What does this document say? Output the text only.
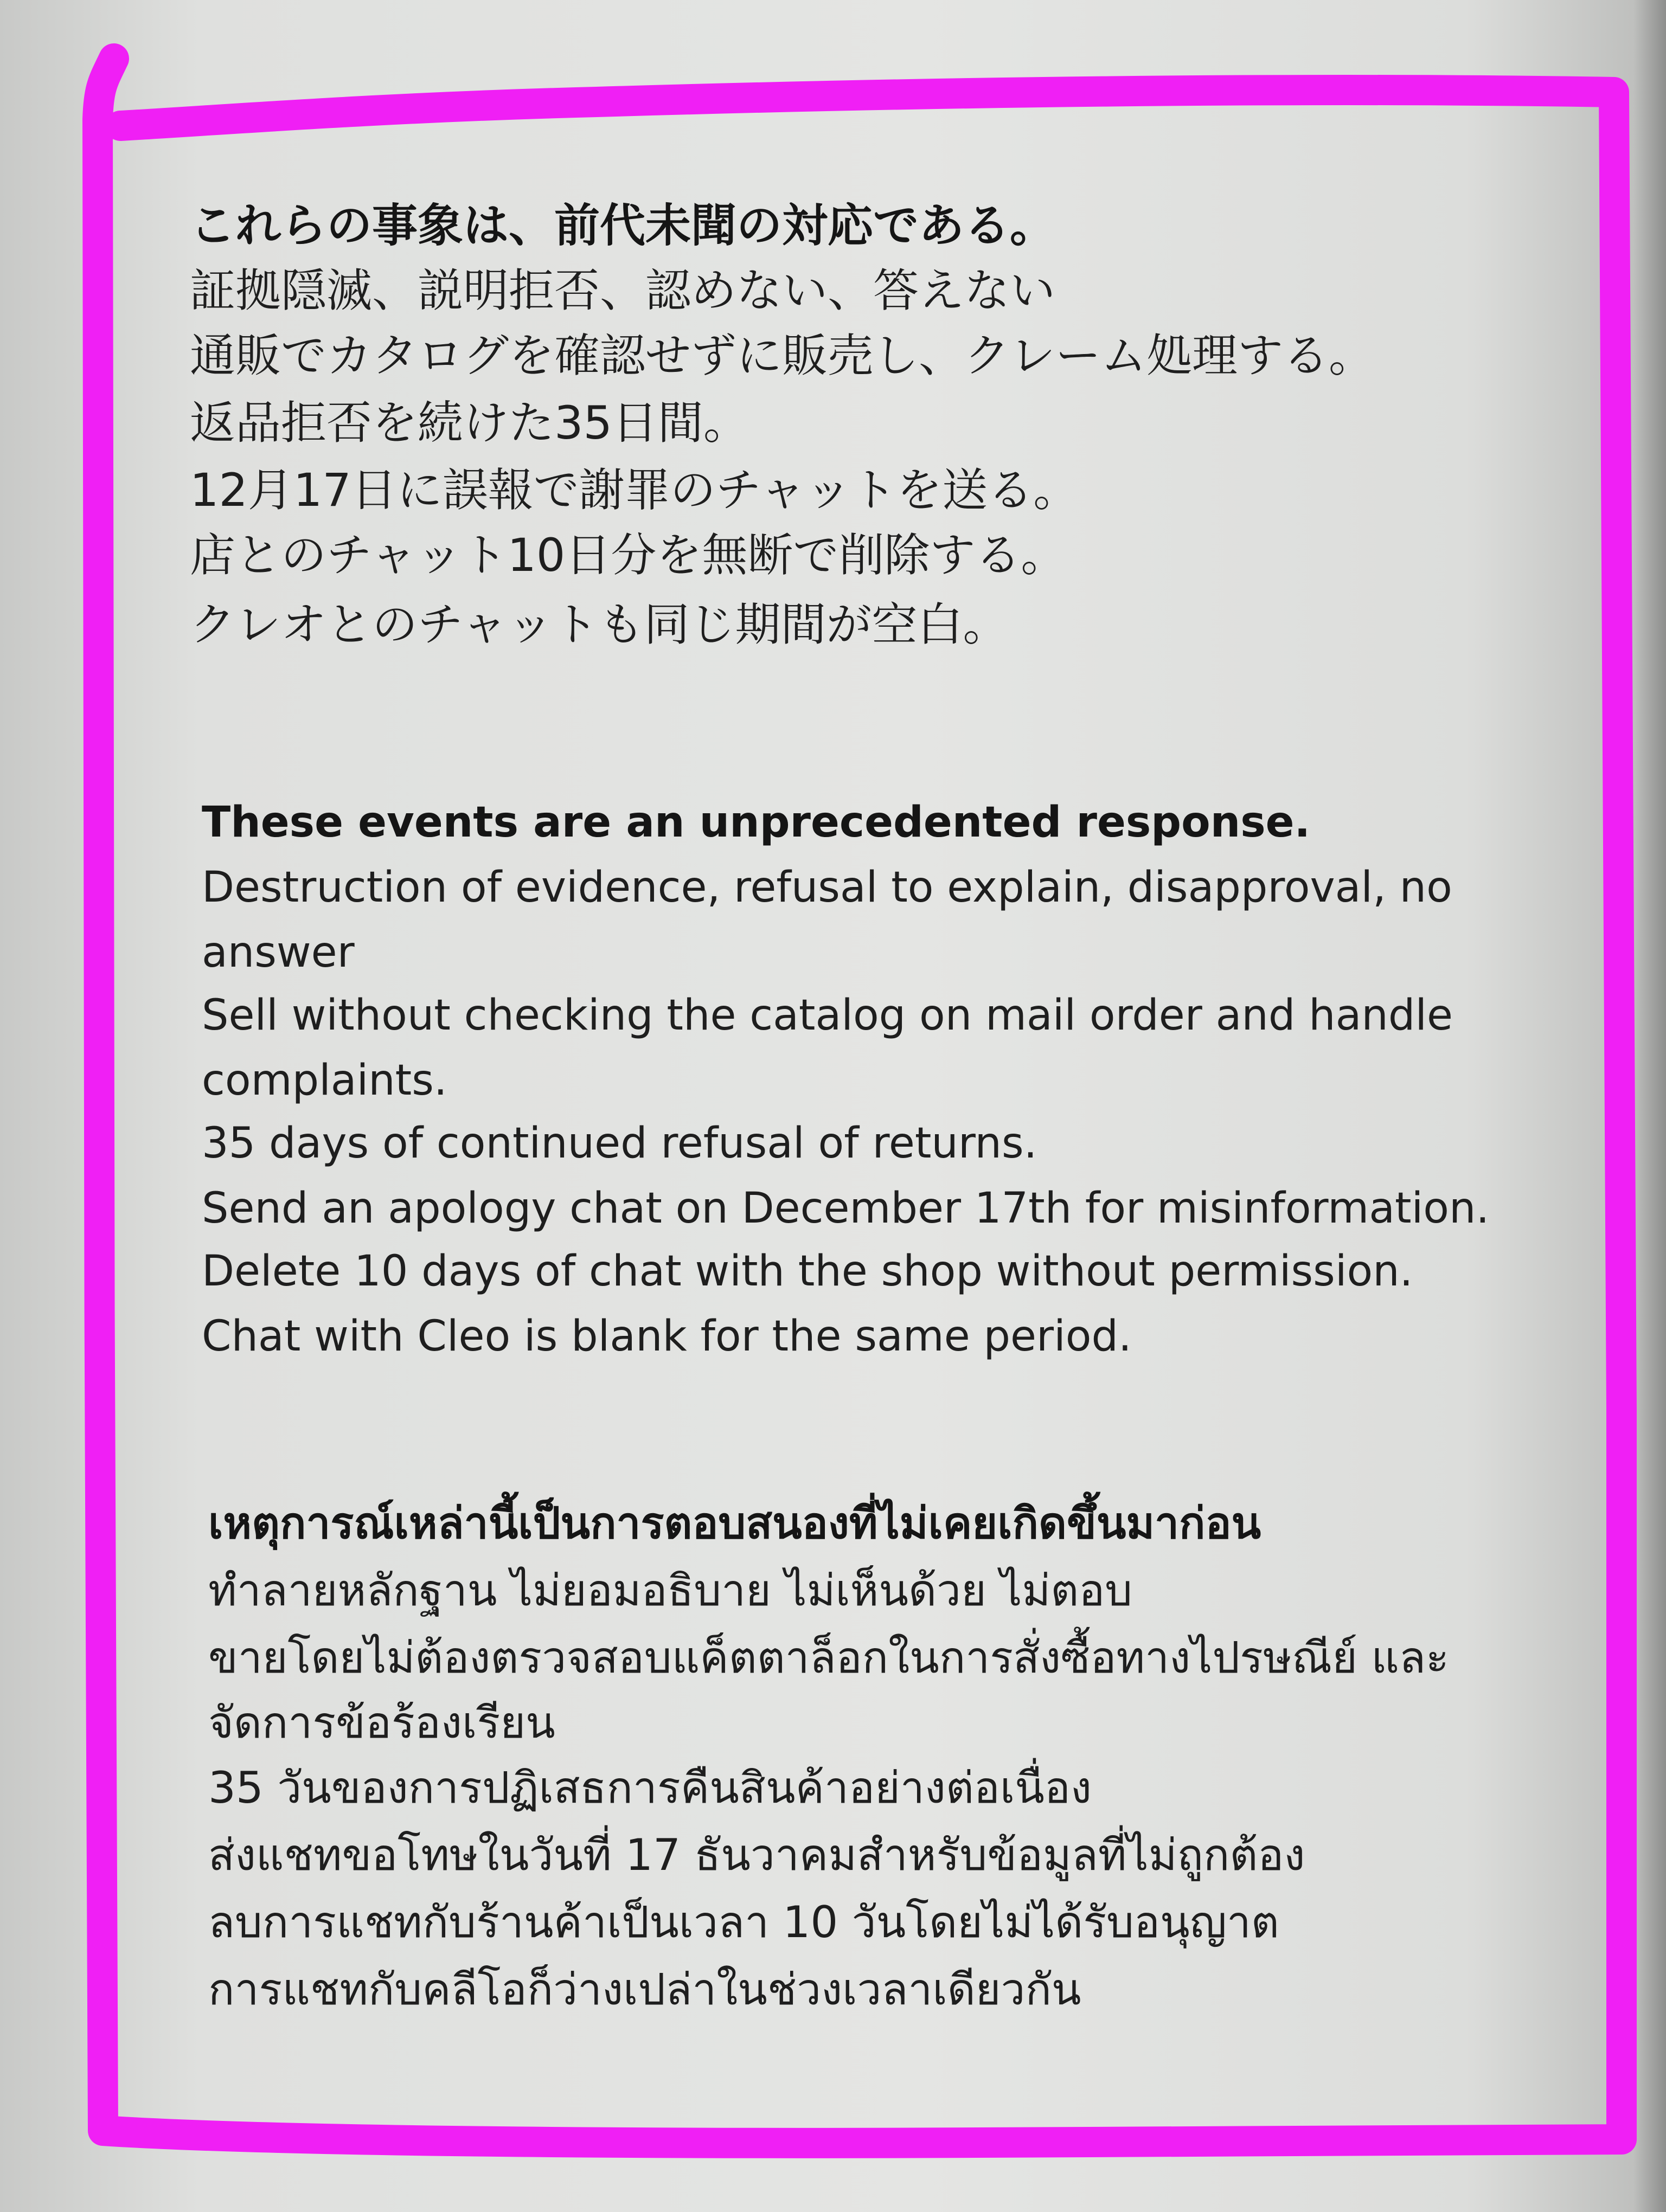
これらの事象は、前代未聞の対応である。
証拠隠滅、説明拒否、認めない、答えない
通販でカタログを確認せずに販売し、クレーム処理する。
返品拒否を続けた35日間。
12月17日に誤報で謝罪のチャットを送る。
店とのチャット10日分を無断で削除する。
クレオとのチャットも同じ期間が空白。
These events are an unprecedented response.
Destruction of evidence, refusal to explain, disapproval, no
answer
Sell without checking the catalog on mail order and handle
complaints.
35 days of continued refusal of returns.
Send an apology chat on December 17th for misinformation.
Delete 10 days of chat with the shop without permission.
Chat with Cleo is blank for the same period.
เหตุการณ์เหล่านี้เป็นการตอบสนองที่ไม่เคยเกิดขึ้นมาก่อน
ทำลายหลักฐาน ไม่ยอมอธิบาย ไม่เห็นด้วย ไม่ตอบ
ขายโดยไม่ต้องตรวจสอบแค็ตตาล็อกในการสั่งซื้อทางไปรษณีย์ และ
จัดการข้อร้องเรียน
35 วันของการปฏิเสธการคืนสินค้าอย่างต่อเนื่อง
ส่งแชทขอโทษในวันที่ 17 ธันวาคมสำหรับข้อมูลที่ไม่ถูกต้อง
ลบการแชทกับร้านค้าเป็นเวลา 10 วันโดยไม่ได้รับอนุญาต
การแชทกับคลีโอก็ว่างเปล่าในช่วงเวลาเดียวกัน
